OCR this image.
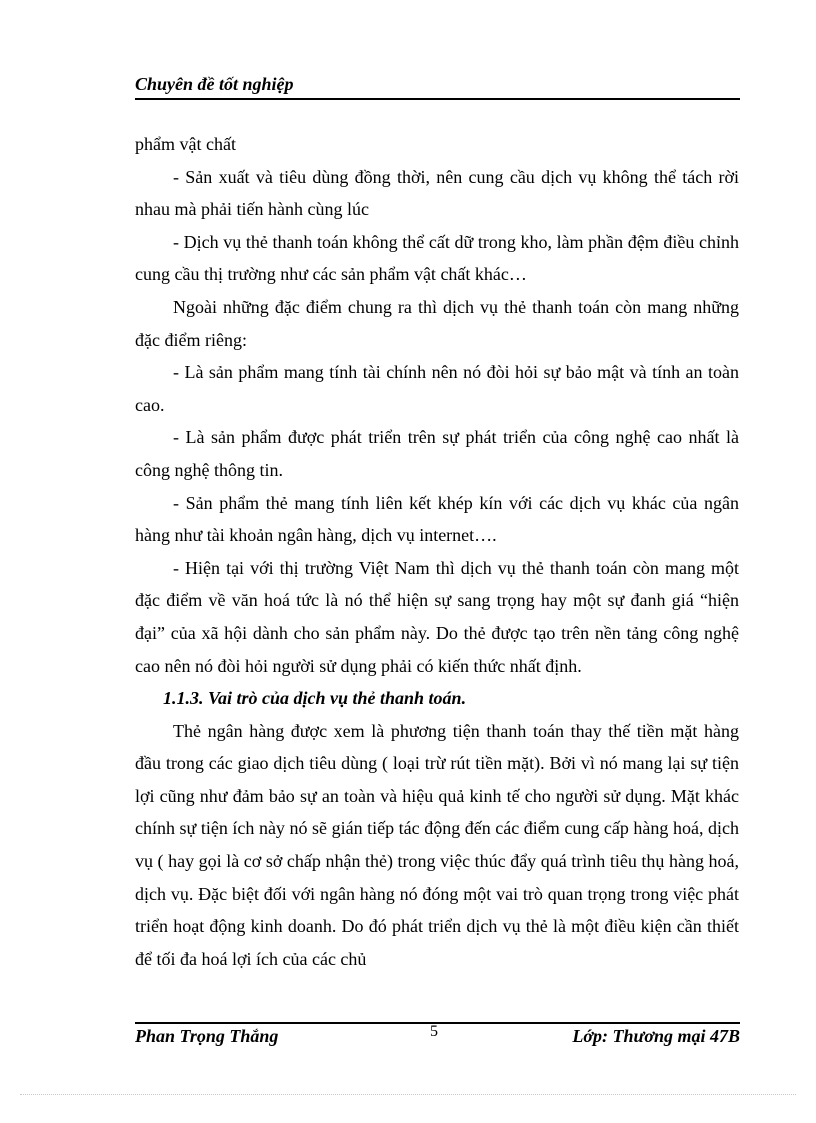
Chuyên đề tốt nghiệp

phẩm vật chất

- Sản xuất và tiêu dùng đồng thời, nên cung cầu dịch vụ không thể tách rời nhau mà phải tiến hành cùng lúc

- Dịch vụ thẻ thanh toán không thể cất dữ trong kho, làm phần đệm điều chỉnh cung cầu thị trường như các sản phẩm vật chất khác…

Ngoài những đặc điểm chung ra thì dịch vụ thẻ thanh toán còn mang những đặc điểm riêng:

- Là sản phẩm mang tính tài chính nên nó đòi hỏi sự bảo mật và tính an toàn cao.

- Là sản phẩm được phát triển trên sự phát triển của công nghệ cao nhất là công nghệ thông tin.

- Sản phẩm thẻ mang tính liên kết khép kín với các dịch vụ khác của ngân hàng như tài khoản ngân hàng, dịch vụ internet….

- Hiện tại với thị trường Việt Nam thì dịch vụ thẻ thanh toán còn mang một đặc điểm về văn hoá tức là nó thể hiện sự sang trọng hay một sự đanh giá “hiện đại” của xã hội dành cho sản phẩm này. Do thẻ được tạo trên nền tảng công nghệ cao nên nó đòi hỏi người sử dụng phải có kiến thức nhất định.

1.1.3. Vai trò của dịch vụ thẻ thanh toán.

Thẻ ngân hàng được xem là phương tiện thanh toán thay thế tiền mặt hàng đầu trong các giao dịch tiêu dùng ( loại trừ rút tiền mặt). Bởi vì nó mang lại sự tiện lợi cũng như đảm bảo sự an toàn và hiệu quả kinh tế cho người sử dụng. Mặt khác chính sự tiện ích này nó sẽ gián tiếp tác động đến các điểm cung cấp hàng hoá, dịch vụ ( hay gọi là cơ sở chấp nhận thẻ) trong việc thúc đẩy quá trình tiêu thụ hàng hoá, dịch vụ. Đặc biệt đối với ngân hàng nó đóng một vai trò quan trọng trong việc phát triển hoạt động kinh doanh. Do đó phát triển dịch vụ thẻ là một điều kiện cần thiết để tối đa hoá lợi ích của các chủ

Phan Trọng Thắng	5	Lớp: Thương mại 47B
